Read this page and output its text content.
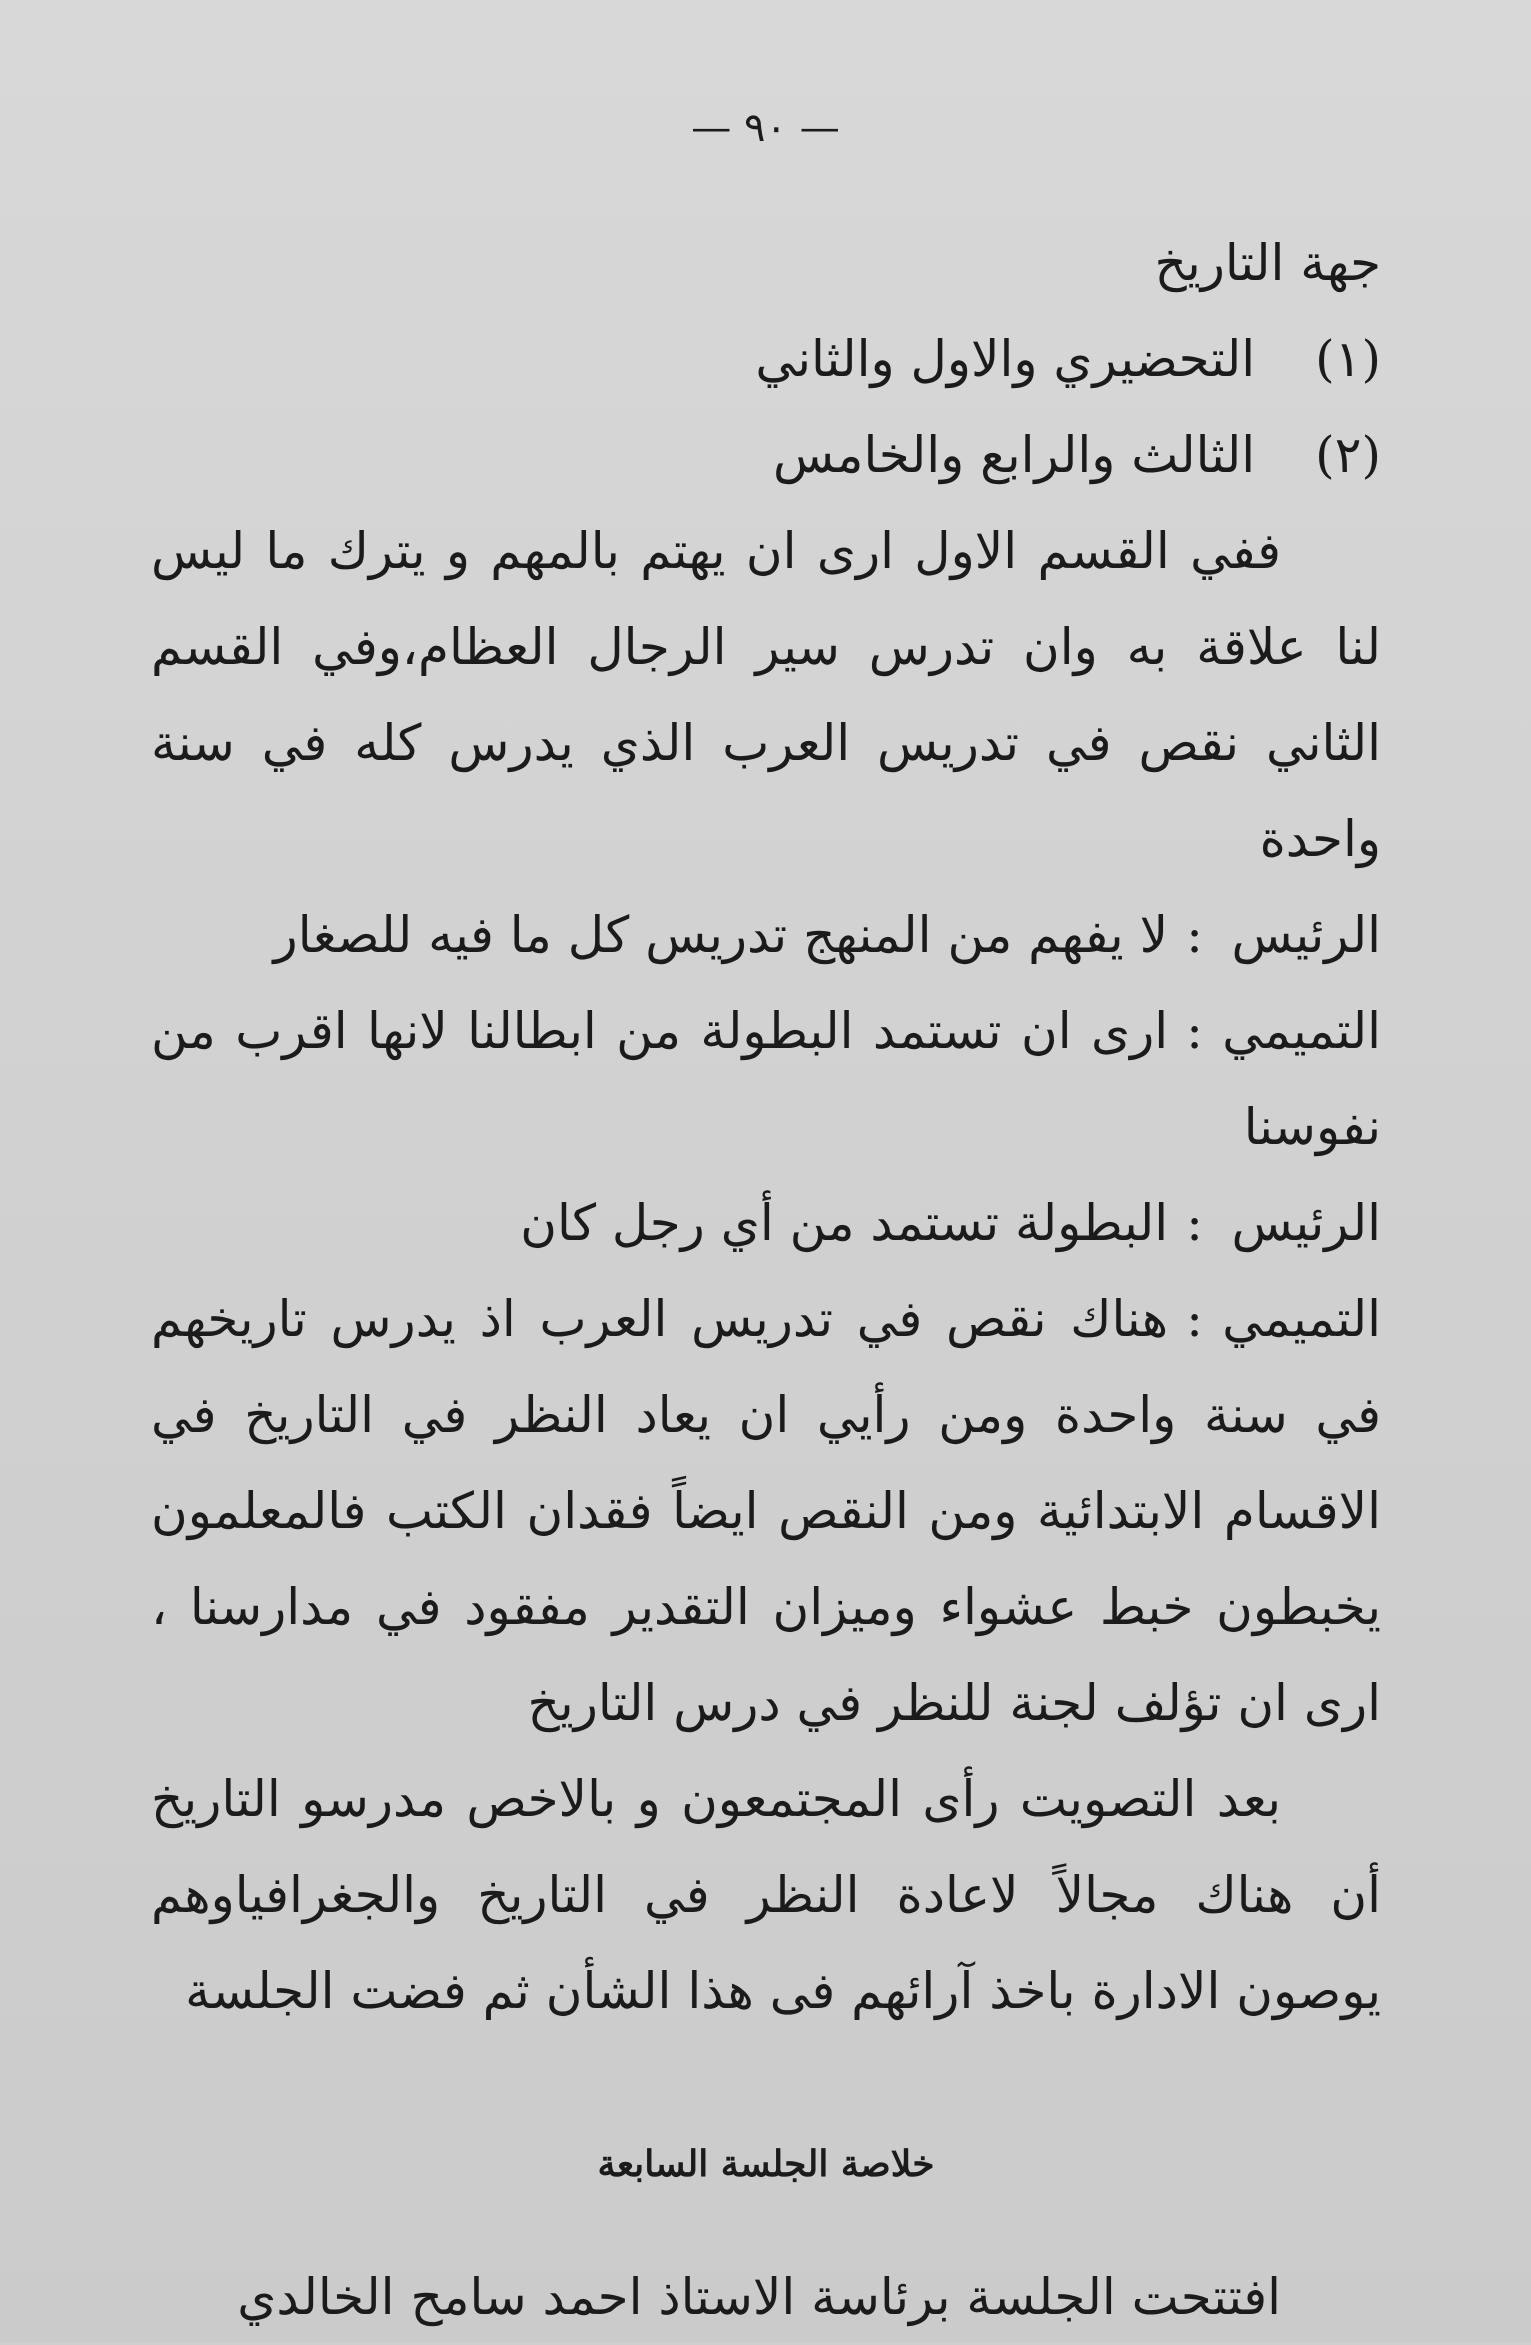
— ٩٠ —

جهة التاريخ

(١) التحضيري والاول والثاني

(٢) الثالث والرابع والخامس

ففي القسم الاول ارى ان يهتم بالمهم و يترك ما ليس لنا علاقة به وان تدرس سير الرجال العظام،وفي القسم الثاني نقص في تدريس العرب الذي يدرس كله في سنة واحدة

الرئيس:لا يفهم من المنهج تدريس كل ما فيه للصغار

التميمي:ارى ان تستمد البطولة من ابطالنا لانها اقرب من نفوسنا

الرئيس:البطولة تستمد من أي رجل كان

التميمي:هناك نقص في تدريس العرب اذ يدرس تاريخهم في سنة واحدة ومن رأيي ان يعاد النظر في التاريخ في الاقسام الابتدائية ومن النقص ايضاً فقدان الكتب فالمعلمون يخبطون خبط عشواء وميزان التقدير مفقود في مدارسنا ، ارى ان تؤلف لجنة للنظر في درس التاريخ

بعد التصويت رأى المجتمعون و بالاخص مدرسو التاريخ أن هناك مجالاً لاعادة النظر في التاريخ والجغرافياوهم يوصون الادارة باخذ آرائهم فى هذا الشأن ثم فضت الجلسة

خلاصة الجلسة السابعة

افتتحت الجلسة برئاسة الاستاذ احمد سامح الخالدي
